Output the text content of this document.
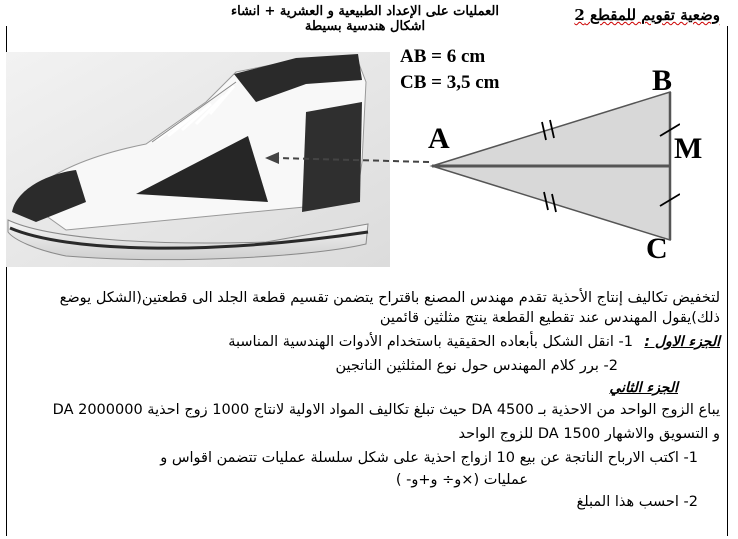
وضعية تقويم للمقطع 2
العمليات على الإعداد الطبيعية و العشرية + انشاء اشكال هندسية بسيطة
AB = 6 cm
CB = 3,5 cm
A
B
M
C
لتخفيض تكاليف إنتاج الأحذية تقدم مهندس المصنع باقتراح يتضمن تقسيم قطعة الجلد الى قطعتين(الشكل يوضع
ذلك)يقول المهندس عند تقطيع القطعة ينتج مثلثين قائمين
الجزء الاول :
1- انقل الشكل بأبعاده الحقيقية باستخدام الأدوات الهندسية المناسبة
2- برر كلام المهندس حول نوع المثلثين الناتجين
الجزء الثاني
يباع الزوج الواحد من الاحذية بـ 4500 DA حيث تبلغ تكاليف المواد الاولية لانتاج 1000 زوج احذية 2000000 DA
و التسويق والاشهار DA 1500 للزوج الواحد
1- اكتب الارباح الناتجة عن بيع 10 ازواج احذية على شكل سلسلة عمليات تتضمن اقواس و
عمليات (×و÷ و+و- )
2- احسب هذا المبلغ
